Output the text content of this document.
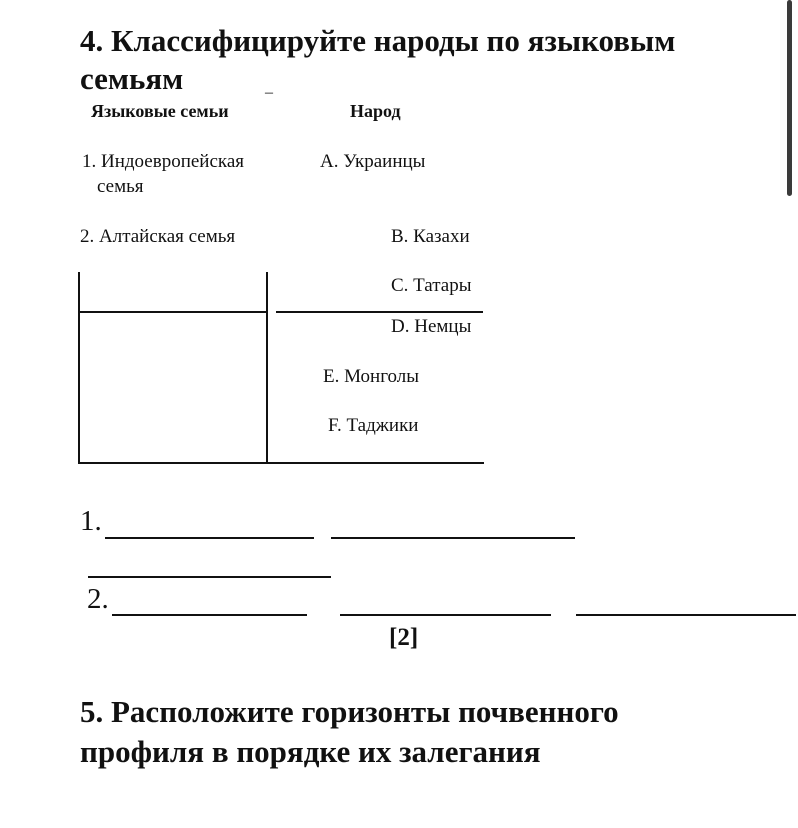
4. Классифицируйте народы по языковым
семьям	–
Языковые семьи	Народ
1. Индоевропейская
семья
2. Алтайская семья
A. Украинцы
B. Казахи
C. Татары
D. Немцы
E. Монголы
F. Таджики
1.
2.
[2]
5. Расположите горизонты почвенного
профиля в порядке их залегания
